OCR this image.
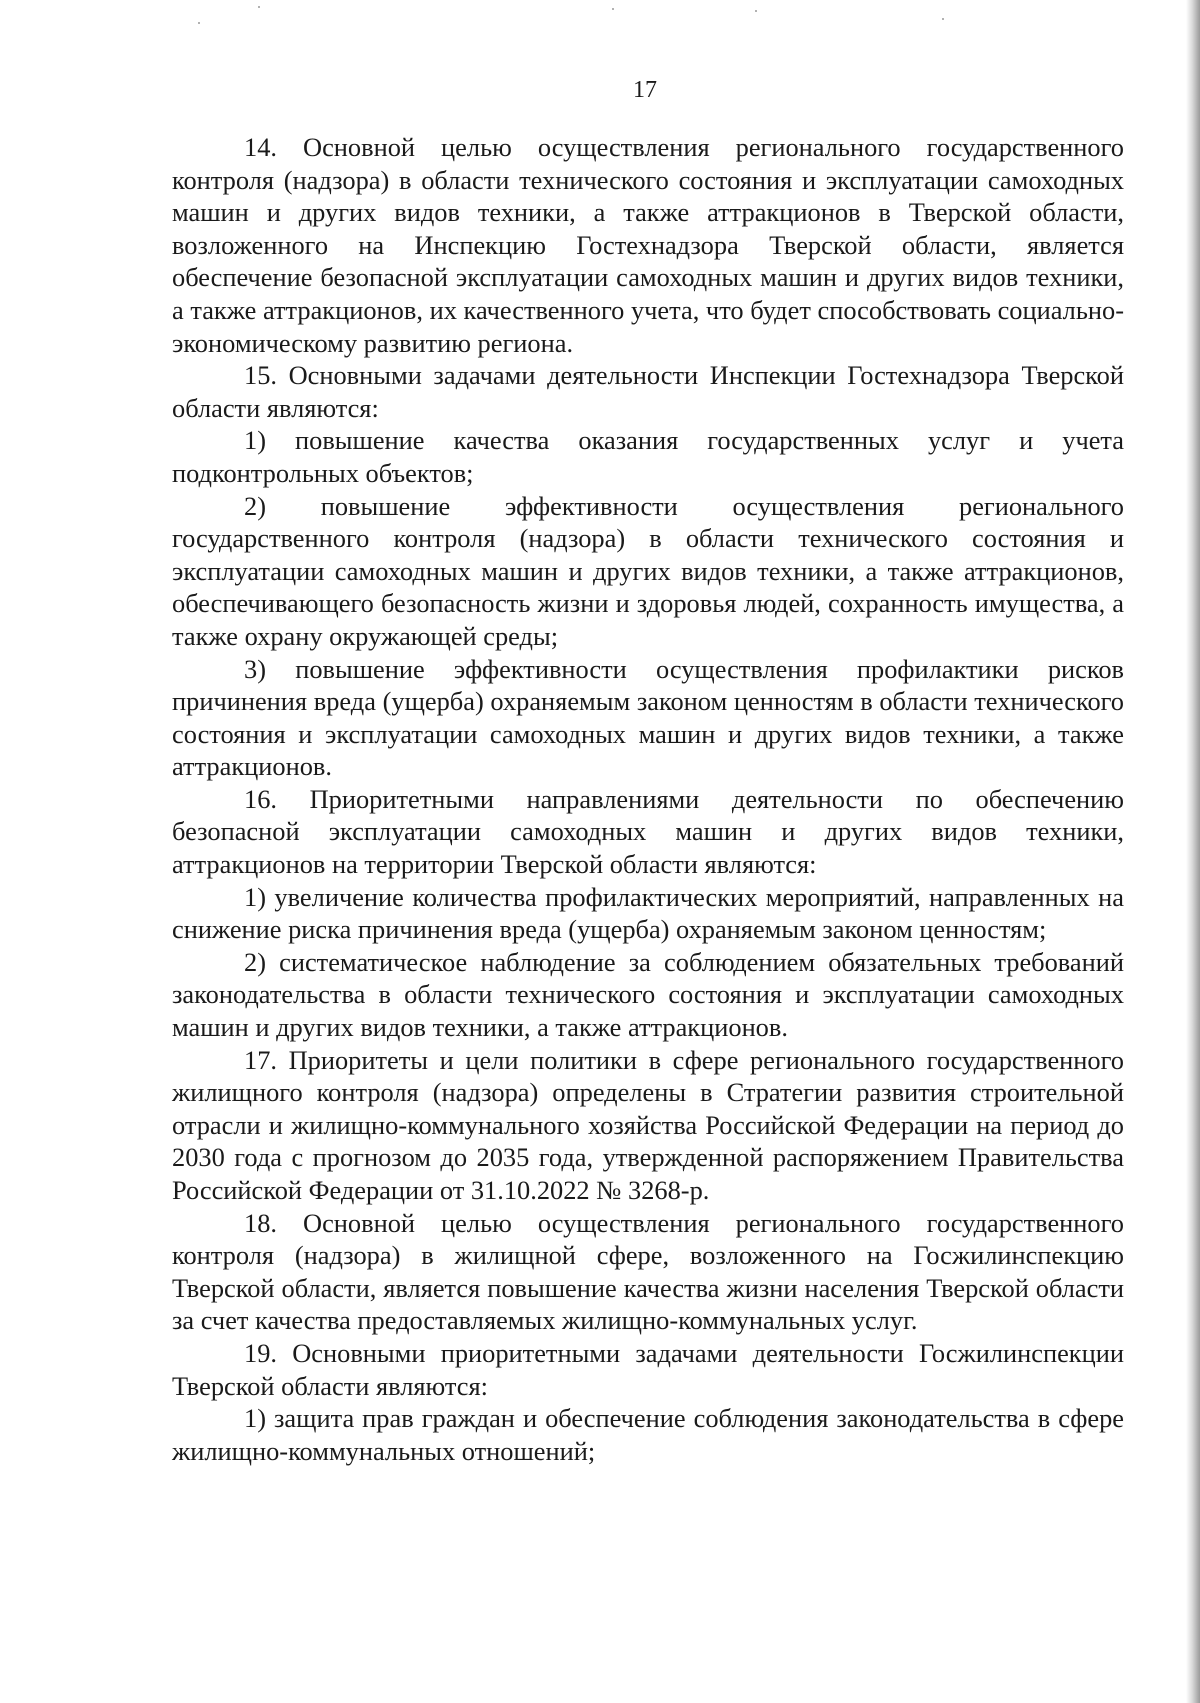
17

14. Основной целью осуществления регионального государственного контроля (надзора) в области технического состояния и эксплуатации самоходных машин и других видов техники, а также аттракционов в Тверской области, возложенного на Инспекцию Гостехнадзора Тверской области, является обеспечение безопасной эксплуатации самоходных машин и других видов техники, а также аттракционов, их качественного учета, что будет способствовать социально-экономическому развитию региона.

15. Основными задачами деятельности Инспекции Гостехнадзора Тверской области являются:

1) повышение качества оказания государственных услуг и учета подконтрольных объектов;

2) повышение эффективности осуществления регионального государственного контроля (надзора) в области технического состояния и эксплуатации самоходных машин и других видов техники, а также аттракционов, обеспечивающего безопасность жизни и здоровья людей, сохранность имущества, а также охрану окружающей среды;

3) повышение эффективности осуществления профилактики рисков причинения вреда (ущерба) охраняемым законом ценностям в области технического состояния и эксплуатации самоходных машин и других видов техники, а также аттракционов.

16. Приоритетными направлениями деятельности по обеспечению безопасной эксплуатации самоходных машин и других видов техники, аттракционов на территории Тверской области являются:

1) увеличение количества профилактических мероприятий, направленных на снижение риска причинения вреда (ущерба) охраняемым законом ценностям;

2) систематическое наблюдение за соблюдением обязательных требований законодательства в области технического состояния и эксплуатации самоходных машин и других видов техники, а также аттракционов.

17. Приоритеты и цели политики в сфере регионального государственного жилищного контроля (надзора) определены в Стратегии развития строительной отрасли и жилищно-коммунального хозяйства Российской Федерации на период до 2030 года с прогнозом до 2035 года, утвержденной распоряжением Правительства Российской Федерации от 31.10.2022 № 3268-р.

18. Основной целью осуществления регионального государственного контроля (надзора) в жилищной сфере, возложенного на Госжилинспекцию Тверской области, является повышение качества жизни населения Тверской области за счет качества предоставляемых жилищно-коммунальных услуг.

19. Основными приоритетными задачами деятельности Госжилинспекции Тверской области являются:

1) защита прав граждан и обеспечение соблюдения законодательства в сфере жилищно-коммунальных отношений;
